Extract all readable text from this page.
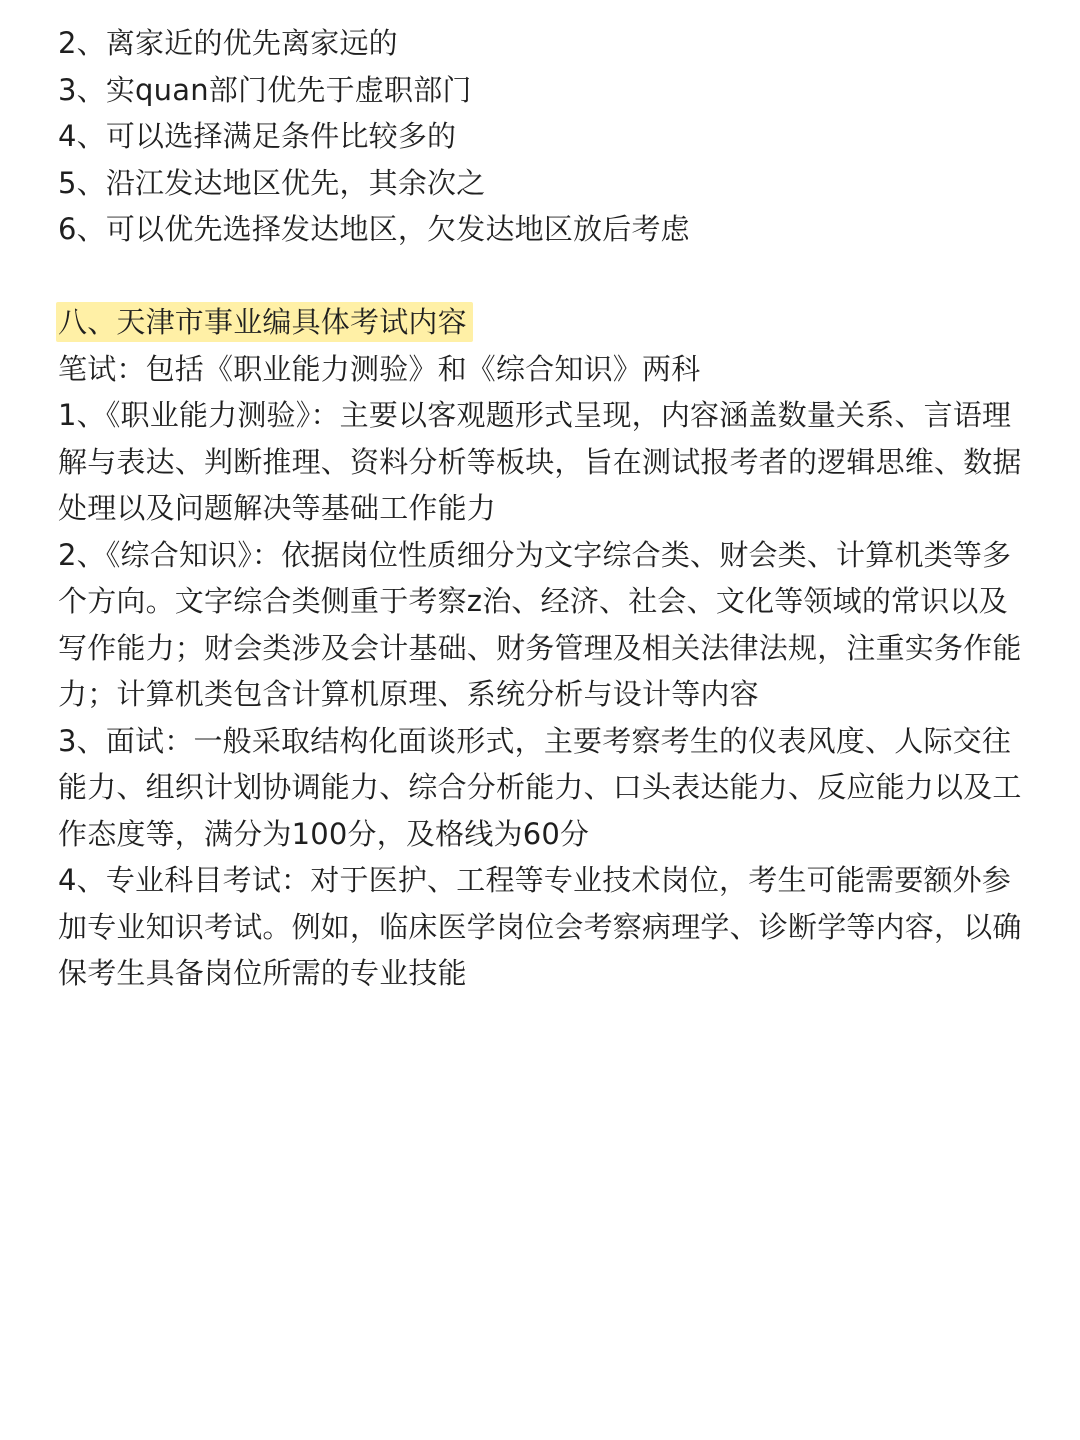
2、离家近的优先离家远的

3、实quan部门优先于虚职部门

4、可以选择满足条件比较多的

5、沿江发达地区优先，其余次之

6、可以优先选择发达地区，欠发达地区放后考虑

八、天津市事业编具体考试内容

笔试：包括《职业能力测验》和《综合知识》两科

1、《职业能力测验》：主要以客观题形式呈现，内容涵盖数量关系、言语理解与表达、判断推理、资料分析等板块，旨在测试报考者的逻辑思维、数据处理以及问题解决等基础工作能力

2、《综合知识》：依据岗位性质细分为文字综合类、财会类、计算机类等多个方向。文字综合类侧重于考察z治、经济、社会、文化等领域的常识以及写作能力；财会类涉及会计基础、财务管理及相关法律法规，注重实务作能力；计算机类包含计算机原理、系统分析与设计等内容

3、面试：一般采取结构化面谈形式，主要考察考生的仪表风度、人际交往能力、组织计划协调能力、综合分析能力、口头表达能力、反应能力以及工作态度等，满分为100分，及格线为60分

4、专业科目考试：对于医护、工程等专业技术岗位，考生可能需要额外参加专业知识考试。例如，临床医学岗位会考察病理学、诊断学等内容，以确保考生具备岗位所需的专业技能
